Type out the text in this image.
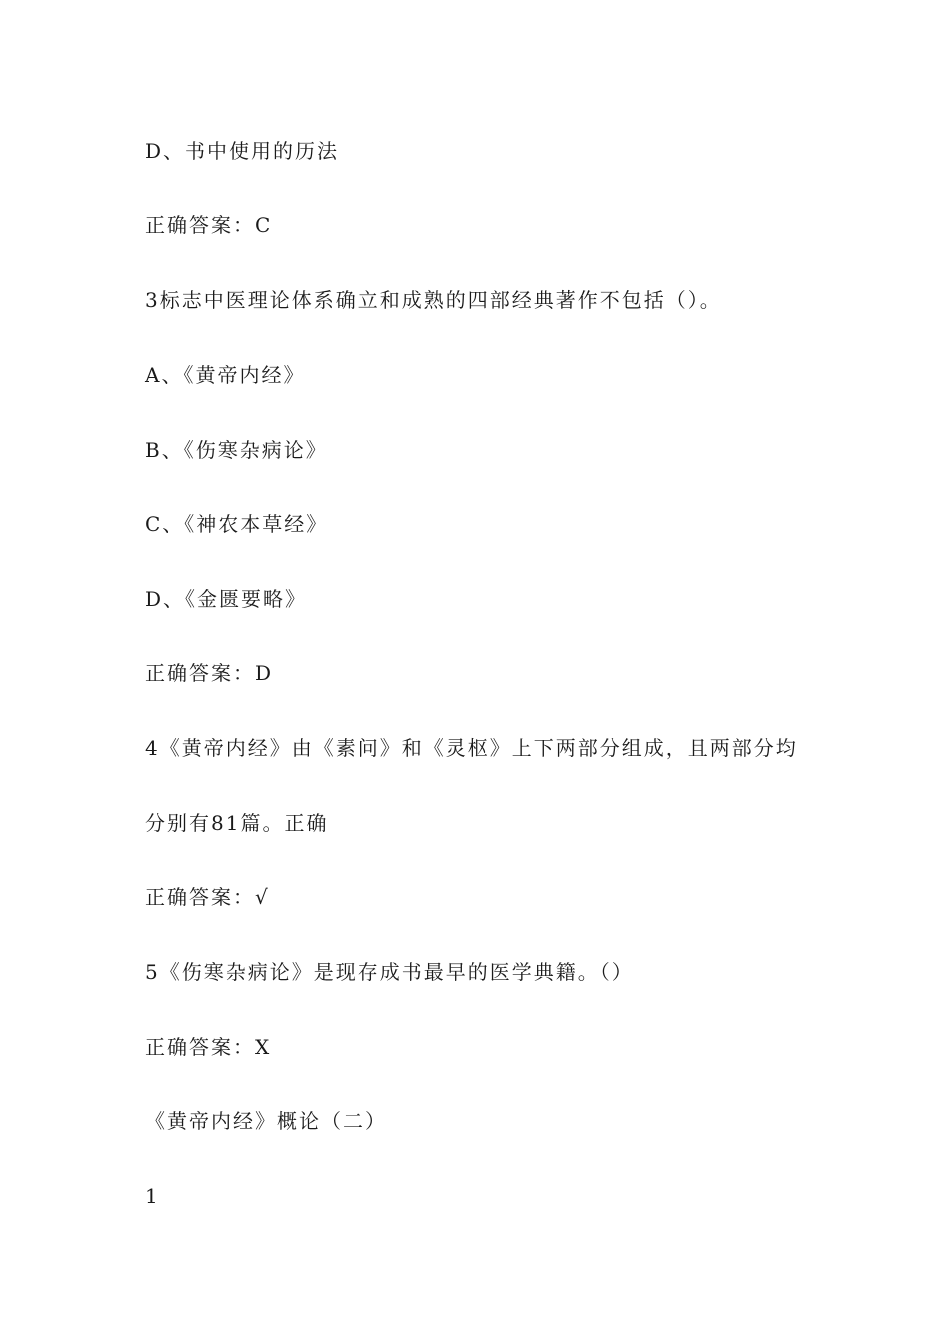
D、书中使用的历法
正确答案：C
3标志中医理论体系确立和成熟的四部经典著作不包括（）。
A、《黄帝内经》
B、《伤寒杂病论》
C、《神农本草经》
D、《金匮要略》
正确答案：D
4《黄帝内经》由《素问》和《灵枢》上下两部分组成，且两部分均
分别有81篇。正确
正确答案：√
5《伤寒杂病论》是现存成书最早的医学典籍。（）
正确答案：X
《黄帝内经》概论（二）
1
